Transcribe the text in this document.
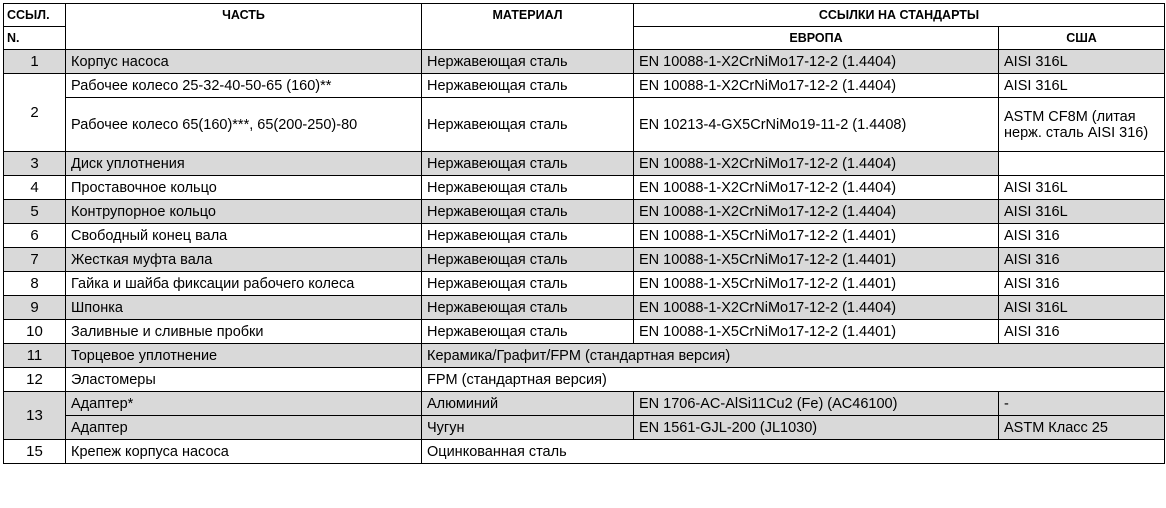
ССЫЛ.	ЧАСТЬ	МАТЕРИАЛ	ССЫЛКИ НА СТАНДАРТЫ	
N.			ЕВРОПА	США
1	Корпус насоса	Нержавеющая сталь	EN 10088-1-X2CrNiMo17-12-2 (1.4404)	AISI 316L
2	Рабочее колесо 25-32-40-50-65 (160)**	Нержавеющая сталь	EN 10088-1-X2CrNiMo17-12-2 (1.4404)	AISI 316L
	Рабочее колесо 65(160)***, 65(200-250)-80	Нержавеющая сталь	EN 10213-4-GX5CrNiMo19-11-2 (1.4408)	ASTM CF8M (литая нерж. сталь AISI 316)
3	Диск уплотнения	Нержавеющая сталь	EN 10088-1-X2CrNiMo17-12-2 (1.4404)	
4	Проставочное кольцо	Нержавеющая сталь	EN 10088-1-X2CrNiMo17-12-2 (1.4404)	AISI 316L
5	Контрупорное кольцо	Нержавеющая сталь	EN 10088-1-X2CrNiMo17-12-2 (1.4404)	AISI 316L
6	Свободный конец вала	Нержавеющая сталь	EN 10088-1-X5CrNiMo17-12-2 (1.4401)	AISI 316
7	Жесткая муфта вала	Нержавеющая сталь	EN 10088-1-X5CrNiMo17-12-2 (1.4401)	AISI 316
8	Гайка и шайба фиксации рабочего колеса	Нержавеющая сталь	EN 10088-1-X5CrNiMo17-12-2 (1.4401)	AISI 316
9	Шпонка	Нержавеющая сталь	EN 10088-1-X2CrNiMo17-12-2 (1.4404)	AISI 316L
10	Заливные и сливные пробки	Нержавеющая сталь	EN 10088-1-X5CrNiMo17-12-2 (1.4401)	AISI 316
11	Торцевое уплотнение	Керамика/Графит/FPM (стандартная версия)		
12	Эластомеры	FPM (стандартная версия)		
13	Адаптер*	Алюминий	EN 1706-AC-AlSi11Cu2 (Fe) (AC46100)	-
	Адаптер	Чугун	EN 1561-GJL-200 (JL1030)	ASTM Класс 25
15	Крепеж корпуса насоса	Оцинкованная сталь		
